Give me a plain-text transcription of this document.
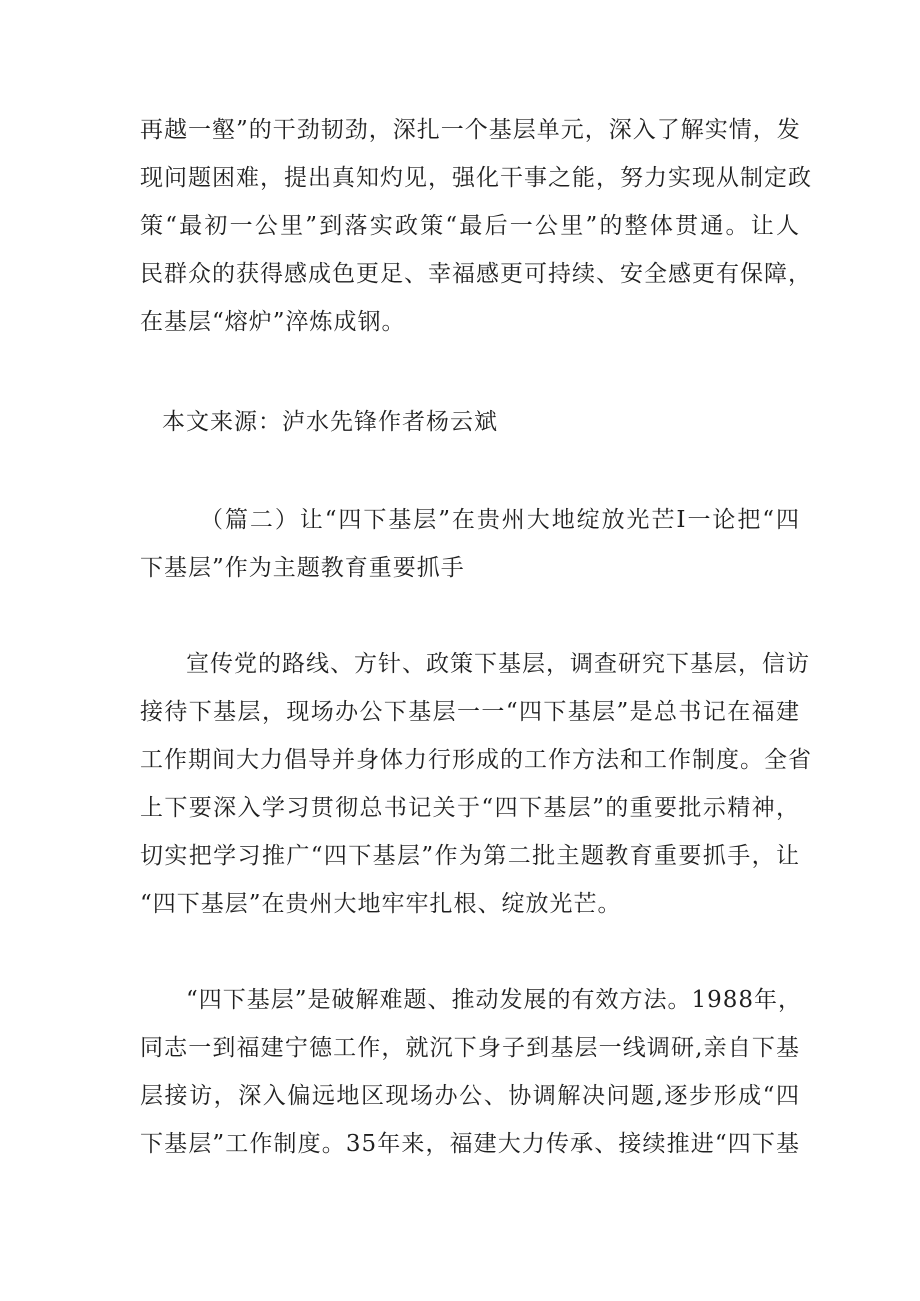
再越一壑”的干劲韧劲，深扎一个基层单元，深入了解实情，发
现问题困难，提出真知灼见，强化干事之能，努力实现从制定政
策“最初一公里”到落实政策“最后一公里”的整体贯通。让人
民群众的获得感成色更足、幸福感更可持续、安全感更有保障，
在基层“熔炉”淬炼成钢。
本文来源：泸水先锋作者杨云斌
（篇二）让“四下基层”在贵州大地绽放光芒I一论把“四
下基层”作为主题教育重要抓手
宣传党的路线、方针、政策下基层，调查研究下基层，信访
接待下基层，现场办公下基层一一“四下基层”是总书记在福建
工作期间大力倡导并身体力行形成的工作方法和工作制度。全省
上下要深入学习贯彻总书记关于“四下基层”的重要批示精神，
切实把学习推广“四下基层”作为第二批主题教育重要抓手，让
“四下基层”在贵州大地牢牢扎根、绽放光芒。
“四下基层”是破解难题、推动发展的有效方法。1988年，
同志一到福建宁德工作，就沉下身子到基层一线调研,亲自下基
层接访，深入偏远地区现场办公、协调解决问题,逐步形成“四
下基层”工作制度。35年来，福建大力传承、接续推进“四下基
